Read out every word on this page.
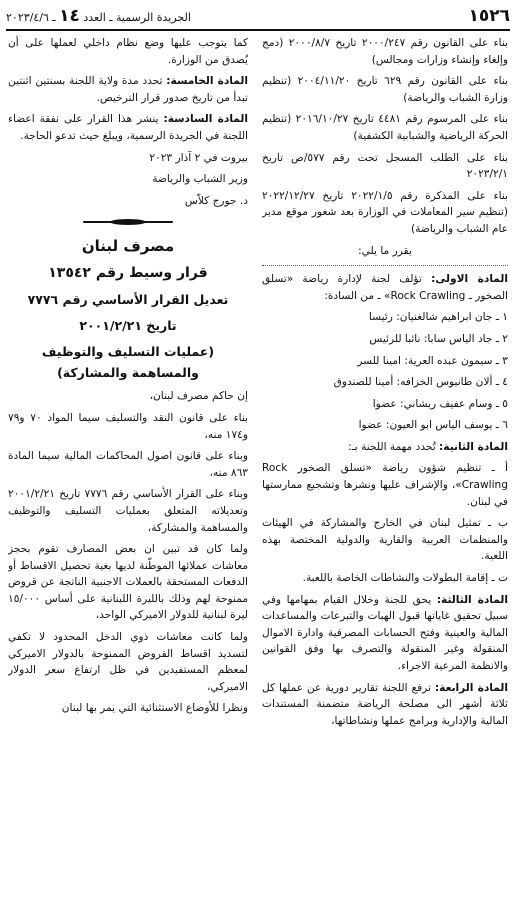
١٥٢٦
الجريدة الرسمية ـ العدد ١٤ ـ ٢٠٢٣/٤/٦

بناء على القانون رقم ٢٠٠٠/٢٤٧ تاريخ ٢٠٠٠/٨/٧ (دمج وإلغاء وإنشاء وزارات ومجالس)

بناء على القانون رقم ٦٢٩ تاريخ ٢٠٠٤/١١/٢٠ (تنظيم وزارة الشباب والرياضة)

بناء على المرسوم رقم ٤٤٨١ تاريخ ٢٠١٦/١٠/٢٧ (تنظيم الحركة الرياضية والشبابية الكشفية)

بناء على الطلب المسجل تحت رقم ٥٧٧/ص تاريخ ٢٠٢٣/٢/١

بناء على المذكرة رقم ٢٠٢٢/١/٥ تاريخ ٢٠٢٢/١٢/٢٧ (تنظيم سير المعاملات في الوزارة بعد شغور موقع مدير عام الشباب والرياضة)

يقرر ما يلي:

المادة الاولى: تؤلف لجنة لإدارة رياضة «تسلق الصخور ـ Rock Crawling» ـ من السادة:

١ ـ جان ابراهيم شالغنيان: رئيسا

٢ ـ جاد الياس سابا: نائبا للرئيس

٣ ـ سيمون عبده العرية: امينا للسر

٤ ـ ألان طانيوس الخزافه: أمينا للصندوق

٥ ـ وسام عفيف ريشاني: عضوا

٦ ـ يوسف الياس ابو العيون: عضوا

المادة الثانية: تُحدد مهمة اللجنة بـ:

أ ـ تنظيم شؤون رياضة «تسلق الصخور Rock Crawling»، والإشراف عليها ونشرها وتشجيع ممارستها في لبنان.

ب ـ تمثيل لبنان في الخارج والمشاركة في الهيئات والمنظمات العربية والقارية والدولية المختصة بهذه اللعبة.

ت ـ إقامة البطولات والنشاطات الخاصة باللعبة.

المادة الثالثة: يحق للجنة وخلال القيام بمهامها وفي سبيل تحقيق غاياتها قبول الهبات والتبرعات والمساعدات المالية والعينية وفتح الحسابات المصرفية وادارة الاموال المنقولة وغير المنقولة والتصرف بها وفق القوانين والانظمة المرعية الاجراء.

المادة الرابعة: ترفع اللجنة تقارير دورية عن عملها كل ثلاثة أشهر الى مصلحة الرياضة متضمنة المستندات المالية والإدارية وبرامج عملها ونشاطاتها،

كما يتوجب عليها وضع نظام داخلي لعملها على أن يُصدق من الوزارة.

المادة الخامسة: تحدد مدة ولاية اللجنة بسنتين اثنتين تبدأ من تاريخ صدور قرار الترخيص.

المادة السادسة: ينشر هذا القرار على نفقة اعضاء اللجنة في الجريدة الرسمية، ويبلغ حيث تدعو الحاجة.

بيروت في ٢ آذار ٢٠٢٣

وزير الشباب والرياضة

د. جورج كلاّس

مصرف لبنان

قرار وسيط رقم ١٣٥٤٢

تعديل القرار الأساسي رقم ٧٧٧٦

تاريخ ٢٠٠١/٢/٢١

(عمليات التسليف والتوظيف والمساهمة والمشاركة)

إن حاكم مصرف لبنان،

بناء على قانون النقد والتسليف سيما المواد ٧٠ و٧٩ و١٧٤ منه،

وبناء على قانون اصول المحاكمات المالية سيما المادة ٨٦٣ منه،

وبناء على القرار الأساسي رقم ٧٧٧٦ تاريخ ٢٠٠١/٢/٢١ وتعديلاته المتعلق بعمليات التسليف والتوظيف والمساهمة والمشاركة،

ولما كان قد تبين ان بعض المصارف تقوم بحجز معاشات عملائها الموطّنة لديها بغية تحصيل الاقساط أو الدفعات المستحقة بالعملات الاجنبية الناتجة عن قروض ممنوحة لهم وذلك بالليرة اللبنانية على أساس ١٥/٠٠٠ ليرة لبنانية للدولار الاميركي الواحد،

ولما كانت معاشات ذوي الدخل المحدود لا تكفي لتسديد اقساط القروض الممنوحة بالدولار الاميركي لمعظم المستفيدين في ظل ارتفاع سعر الدولار الاميركي،

ونظرا للأوضاع الاستثنائية التي يمر بها لبنان
